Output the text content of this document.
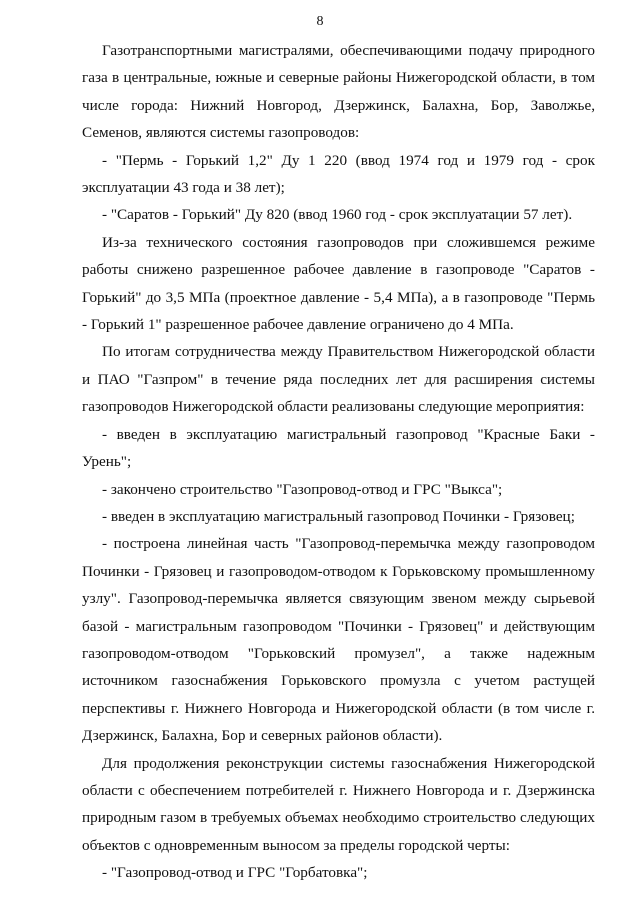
8

Газотранспортными магистралями, обеспечивающими подачу природного газа в центральные, южные и северные районы Нижегородской области, в том числе города: Нижний Новгород, Дзержинск, Балахна, Бор, Заволжье, Семенов, являются системы газопроводов:

- "Пермь - Горький 1,2" Ду 1 220 (ввод 1974 год и 1979 год - срок эксплуатации 43 года и 38 лет);

- "Саратов - Горький" Ду 820 (ввод 1960 год - срок эксплуатации 57 лет).

Из-за технического состояния газопроводов при сложившемся режиме работы снижено разрешенное рабочее давление в газопроводе "Саратов - Горький" до 3,5 МПа (проектное давление - 5,4 МПа), а в газопроводе "Пермь - Горький 1" разрешенное рабочее давление ограничено до 4 МПа.

По итогам сотрудничества между Правительством Нижегородской области и ПАО "Газпром" в течение ряда последних лет для расширения системы газопроводов Нижегородской области реализованы следующие мероприятия:

- введен в эксплуатацию магистральный газопровод "Красные Баки - Урень";

- закончено строительство "Газопровод-отвод и ГРС "Выкса";

- введен в эксплуатацию магистральный газопровод Починки - Грязовец;

- построена линейная часть "Газопровод-перемычка между газопроводом Починки - Грязовец и газопроводом-отводом к Горьковскому промышленному узлу". Газопровод-перемычка является связующим звеном между сырьевой базой - магистральным газопроводом "Починки - Грязовец" и действующим газопроводом-отводом "Горьковский промузел", а также надежным источником газоснабжения Горьковского промузла с учетом растущей перспективы г. Нижнего Новгорода и Нижегородской области (в том числе г. Дзержинск, Балахна, Бор и северных районов области).

Для продолжения реконструкции системы газоснабжения Нижегородской области с обеспечением потребителей г. Нижнего Новгорода и г. Дзержинска природным газом в требуемых объемах необходимо строительство следующих объектов с одновременным выносом за пределы городской черты:

- "Газопровод-отвод и ГРС "Горбатовка";
